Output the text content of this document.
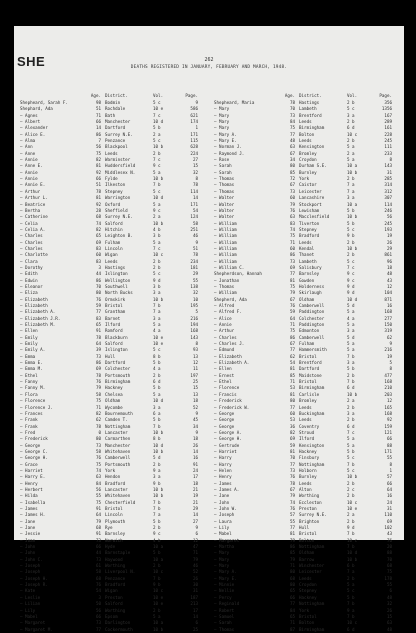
SHE	262
DEATHS REGISTERED IN JANUARY, FEBRUARY AND MARCH, 1948.
Age. District.	Vol.	Page.
Shepheard, Sarah F.	98 Bodmin	5 c	9
Shephard, Ada	51 Rochdale	10 e	586
— Agnes	71 Bath	7 c	621
— Albert	66 Manchester	10 d	174
— Alexander	14 Dartford	5 b	1
— Alice E.	86 Surrey N.E.	2 a	171
— Alma	7 Penzance	5 c	115
— Ann	56 Blackpool	10 b	628
— Anne	75 Leeds	2 b	224
— Annie	82 Warminster	7 c	27
— Anne E.	81 Huddersfield	9 c	15
— Annie	92 Middlesex N.	5 a	32
— Annie	66 Fylde	10 b	8
— Annie E.	51 Ilkeston	7 b	78
— Arthur	78 Stepney	5 c	114
— Arthur L.	81 Warrington	10 d	14
— Beatrice	92 Oxford	5 a	171
— Bertha	28 Sheffield	9 c	54
— Catherine	68 Surrey N.E.	2 a	124
— Celia	74 Salford	10 b	58
— Celia A.	82 Hitchin	4 b	251
— Charles	65 Leighton B.	3 b	46
— Charles	69 Fulham	5 a	9
— Charles	83 Lincoln	7 c	51
— Charlotte	60 Wigan	10 c	78
— Clara	83 Leeds	2 b	234
— Dorothy	3 Hastings	2 b	181
— Edith	44 Islington	5 c	29
— Edwin	86 Wellington	9 d	55
— Eleanor	70 Southwell	3 b	138
— Eliza	80 North Bucks	3 a	32
— Elizabeth	76 Ormskirk	10 b	10
— Elizabeth	59 Bristol	7 b	195
— Elizabeth A.	77 Grantham	7 a	5
— Elizabeth J.R.	83 Barnet	3 a	216
— Elizabeth M.	65 Ilford	5 a	194
— Ellen	91 Romford	4 a	168
— Emily	78 Blackburn	10 e	143
— Emily	64 Salford	10 e	8
— Emily A.	39 Islington	5 c	93
— Emma	73 Hull	8 b	13
— Emma E.	86 Dartford	5 b	12
— Emma M.	69 Colchester	4 a	11
— Ethel	78 Portsmouth	2 b	197
— Fanny	76 Birmingham	6 d	25
— Fanny M.	79 Hackney	5 b	15
— Flora	58 Chelsea	5 a	13
— Florence	75 Oldham	10 d	18
— Florence J.	71 Wycombe	3 a	52
— Frances	82 Bournemouth	6 a	9
— Frank	62 Camden T.	5 b	45
— Frank	78 Nottingham	7 b	34
— Fred	0 Lancaster	10 b	9
— Frederick	80 Carmarthen	8 b	18
— George	73 Manchester	10 d	26
— George C.	58 Whitehaven	10 b	14
— George H.	76 Camberwell	5 d	16
— Grace	75 Portsmouth	2 b	91
— Harriet	74 York	9 a	24
— Harry E.	63 Hendon	3 a	17
— Henry	84 Bradford	9 b	18
— Herbert	56 Lancaster	10 b	21
— Hilda	55 Whitehaven	10 b	19
— Isabella	75 Chesterfield	7 b	21
— James	91 Bristol	7 b	29
— James H.	64 Lincoln	7 a	14
— Jane	79 Plymouth	5 b	27
— Jane	68 Rye	2 b	9
— Jessie	91 Barnsley	9 c	6
— Joan	73 Norwich	4 b	12
— John	66 Hyde	10 a	47
— John	44 Barnstaple	5 b	71
— John C.	73 Haywood	10 a	79
— Joseph	61 Worthing	2 b	46
— Joseph	58 Liverpool N.	10 c	52
— Joseph H.	68 Penzance	7 b	26
— Joseph R.	76 Bradford	9 b	30
— Kate	54 Wigan	10 c	31
— Leslie	3 Preston	10 e	187
— Lilian	50 Salford	10 e	213
— Lily	56 Worthing	2 b	17
— Mabel	66 Epsom	5 a	14
— Margaret	73 Darlington	10 a	6
— Margaret M.	77 Cockermouth	10 b	25
Age. District.	Vol.	Page.
Shepheard, Maria	78 Hastings	2 b	356
— Mary	70 Lambeth	5 c	1356
— Mary	73 Brentford	3 a	167
— Mary	84 Leeds	2 b	289
— Mary	75 Birmingham	6 d	161
— Mary A.	77 Bolton	10 c	228
— Mary E.	48 Leeds	2 b	245
— Norman J.	63 Kensington	5 a	111
— Raymond J.	67 Bromley	2 a	233
— Rose	34 Croydon	5 a	8
— Sarah	80 Durham S.E.	10 a	143
— Sarah	85 Burnley	10 b	31
— Thomas	72 York	2 b	285
— Thomas	67 Caistor	7 a	314
— Thomas	73 Leicester	7 a	312
— Walter	60 Lancashire	3 a	307
— Walter	79 Stockport	10 a	114
— Walter	76 Lewisham	5 b	246
— Walter	63 Macclesfield	10 b	56
— William	83 Tiverton	5 b	245
— William	74 Stepney	5 c	193
— William	75 Bradford	9 b	19
— William	71 Leeds	2 b	26
— William	60 Kendal	10 b	29
— William	86 Thanet	2 b	861
— William	73 Lambeth	5 c	96
— William C.	69 Salisbury	7 c	18
Shepherdson, Hannah	77 Barnsley	9 c	48
— Jonathan	81 Gowden	9 c	43
— Thomas	75 Holderness	9 d	12
— William	79 Skirlaugh	9 d	104
Shepherd, Ada	67 Oldham	10 d	871
— Alfred	76 Camberwell	5 d	16
— Alfred F.	59 Paddington	5 a	168
— Alice	64 Colchester	4 a	277
— Annie	71 Paddington	5 a	150
— Arthur	75 Edmonton	3 a	319
— Charles	86 Camberwell	5 d	62
— Charles J.	67 Fulham	5 a	9
— Edmund	77 Hammersmith	5 a	216
— Elizabeth	62 Bristol	7 b	19
— Elizabeth A.	54 Brentford	3 a	5
— Ellen	81 Dartford	5 b	8
— Ernest	85 Maidstone	2 b	477
— Ethel	71 Bristol	7 b	168
— Florence	53 Birmingham	6 d	210
— Francis	81 Carlisle	10 b	203
— Frederick	80 Bromley	2 a	12
— Frederick W.	77 Leeds	2 b	165
— George	60 Buckingham	3 a	168
— George	53 Leeds	2 b	92
— George	36 Coventry	6 d	159
— George A.	82 Stroud	7 c	121
— George H.	69 Ilford	5 a	66
— Gertrude	59 Kensington	5 a	88
— Harriet	81 Hackney	5 b	171
— Harry	70 Finsbury	5 c	55
— Harry	77 Nottingham	7 b	8
— Helen	73 Holborn	5 c	1
— Henry	76 Burnley	10 b	57
— James	78 Leeds	2 b	66
— James A.	67 Alton	2 c	64
— Jane	79 Worthing	2 b	16
— John	74 Eccleston	10 c	24
— John W.	76 Preston	10 e	31
— Joseph	57 Surrey N.E.	2 a	110
— Laura	55 Brighton	2 b	69
— Lily	77 Hull	9 d	102
— Mabel	81 Bristol	7 b	43
— Margaret	79 Bolton	10 c	76
— Martha	86 Nottingham	7 b	20
— Mary	85 Oldham	10 d	88
— Mary	79 Barrow	10 b	70
— Mary	71 Winchester	6 b	68
— Mary A.	80 Leicester	7 a	75
— Mary E.	68 Leeds	2 b	178
— Minnie	80 Croydon	5 a	55
— Nellie	65 Stepney	5 c	6
— Percy	66 Hackney	5 b	48
— Reginald	77 Nottingham	7 b	32
— Robert	84 York	9 a	26
— Samuel	65 Bristol	7 b	15
— Sarah	71 Bolton	10 c	63
— Thomas	87 Birmingham	6 d	48
